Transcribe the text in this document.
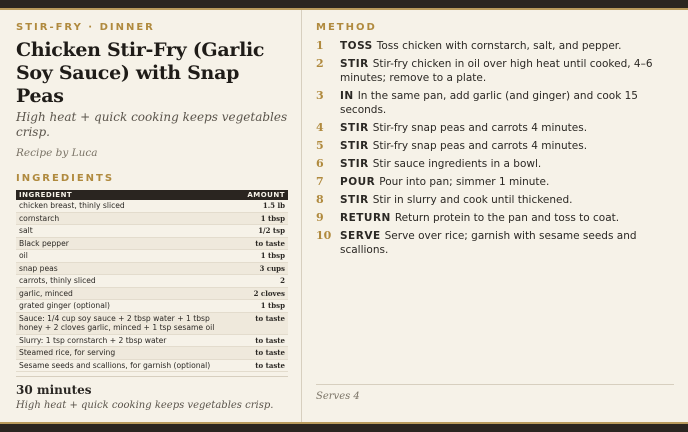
STIR-FRY · DINNER

Chicken Stir-Fry (Garlic Soy Sauce) with Snap Peas

High heat + quick cooking keeps vegetables crisp.

Recipe by Luca

INGREDIENTS

INGREDIENT	AMOUNT
chicken breast, thinly sliced	1.5 lb
cornstarch	1 tbsp
salt	1/2 tsp
Black pepper	to taste
oil	1 tbsp
snap peas	3 cups
carrots, thinly sliced	2
garlic, minced	2 cloves
grated ginger (optional)	1 tbsp
Sauce: 1/4 cup soy sauce + 2 tbsp water + 1 tbsp honey + 2 cloves garlic, minced + 1 tsp sesame oil	to taste
Slurry: 1 tsp cornstarch + 2 tbsp water	to taste
Steamed rice, for serving	to taste
Sesame seeds and scallions, for garnish (optional)	to taste

30 minutes

High heat + quick cooking keeps vegetables crisp.

METHOD

1	TOSS Toss chicken with cornstarch, salt, and pepper.
2	STIR Stir-fry chicken in oil over high heat until cooked, 4–6 minutes; remove to a plate.
3	IN In the same pan, add garlic (and ginger) and cook 15 seconds.
4	STIR Stir-fry snap peas and carrots 4 minutes.
5	STIR Stir-fry snap peas and carrots 4 minutes.
6	STIR Stir sauce ingredients in a bowl.
7	POUR Pour into pan; simmer 1 minute.
8	STIR Stir in slurry and cook until thickened.
9	RETURN Return protein to the pan and toss to coat.
10 SERVE Serve over rice; garnish with sesame seeds and scallions.

Serves 4
